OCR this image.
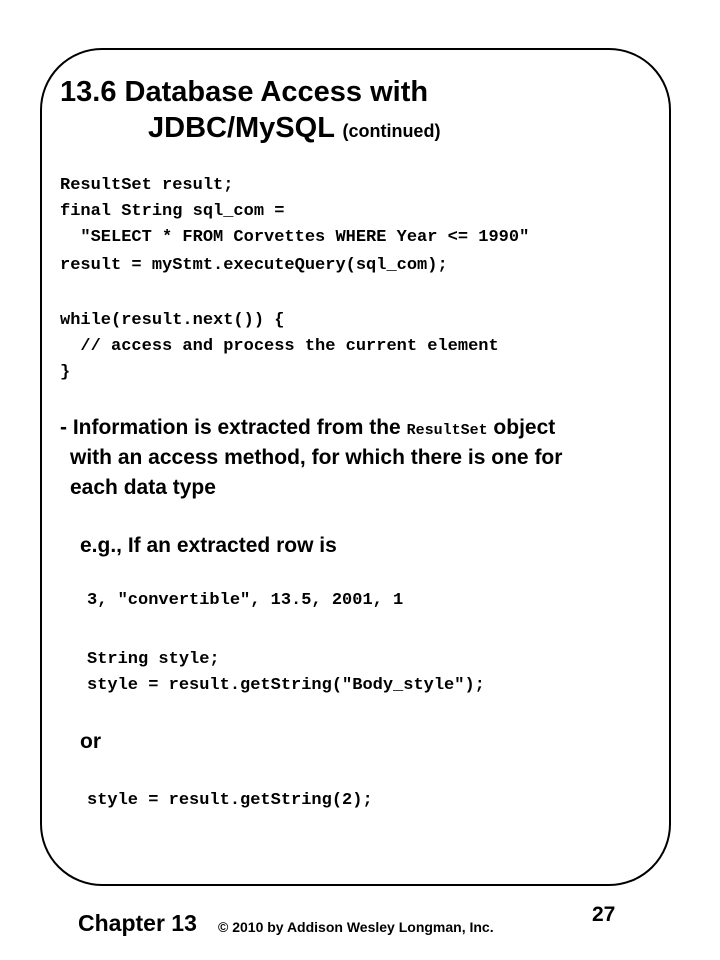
13.6 Database Access with
JDBC/MySQL (continued)
ResultSet result;
final String sql_com =
"SELECT * FROM Corvettes WHERE Year <= 1990"
result = myStmt.executeQuery(sql_com);
while(result.next()) {
// access and process the current element
}
- Information is extracted from the ResultSet object
with an access method, for which there is one for
each data type
e.g., If an extracted row is
3, "convertible", 13.5, 2001, 1
String style;
style = result.getString("Body_style");
or
style = result.getString(2);
Chapter 13 © 2010 by Addison Wesley Longman, Inc.
27
